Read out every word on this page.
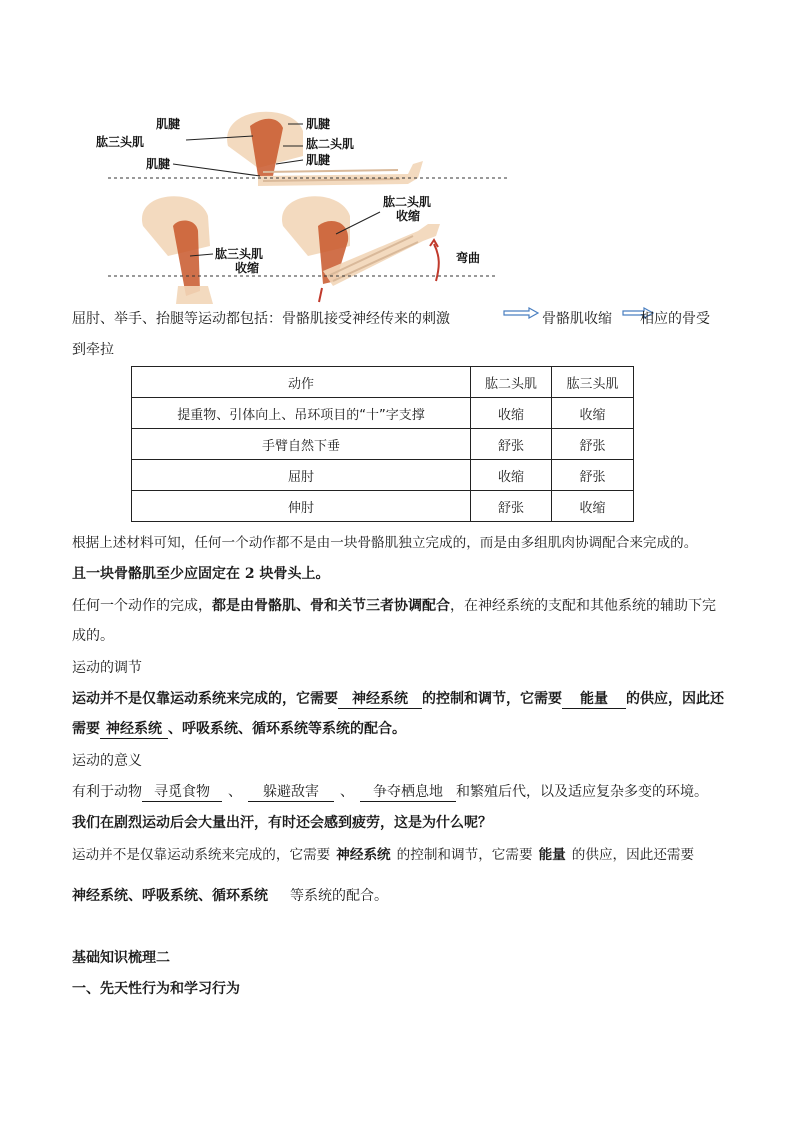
肌腱
肱三头肌
肌腱
肌腱
肱二头肌
肌腱
肱二头肌
收缩
肱三头肌
收缩
弯曲
屈肘、举手、抬腿等运动都包括：骨骼肌接受神经传来的刺激	骨骼肌收缩 相应的骨受
到牵拉
动作	肱二头肌	肱三头肌
提重物、引体向上、吊环项目的“十”字支撑	收缩	收缩
手臂自然下垂	舒张	舒张
屈肘	收缩	舒张
伸肘	舒张	收缩
根据上述材料可知，任何一个动作都不是由一块骨骼肌独立完成的，而是由多组肌肉协调配合来完成的。
且一块骨骼肌至少应固定在 2 块骨头上。
任何一个动作的完成，都是由骨骼肌、骨和关节三者协调配合，在神经系统的支配和其他系统的辅助下完
成的。
运动的调节
运动并不是仅靠运动系统来完成的，它需要 神经系统 的控制和调节，它需要 能量 的供应，因此还
需要 神经系统 、呼吸系统、循环系统等系统的配合。
运动的意义
有利于动物 寻觅食物 、 躲避敌害 、 争夺栖息地 和繁殖后代，以及适应复杂多变的环境。
我们在剧烈运动后会大量出汗，有时还会感到疲劳，这是为什么呢？
运动并不是仅靠运动系统来完成的，它需要 神经系统 的控制和调节，它需要 能量 的供应，因此还需要
神经系统、呼吸系统、循环系统 等系统的配合。
基础知识梳理二
一、先天性行为和学习行为
